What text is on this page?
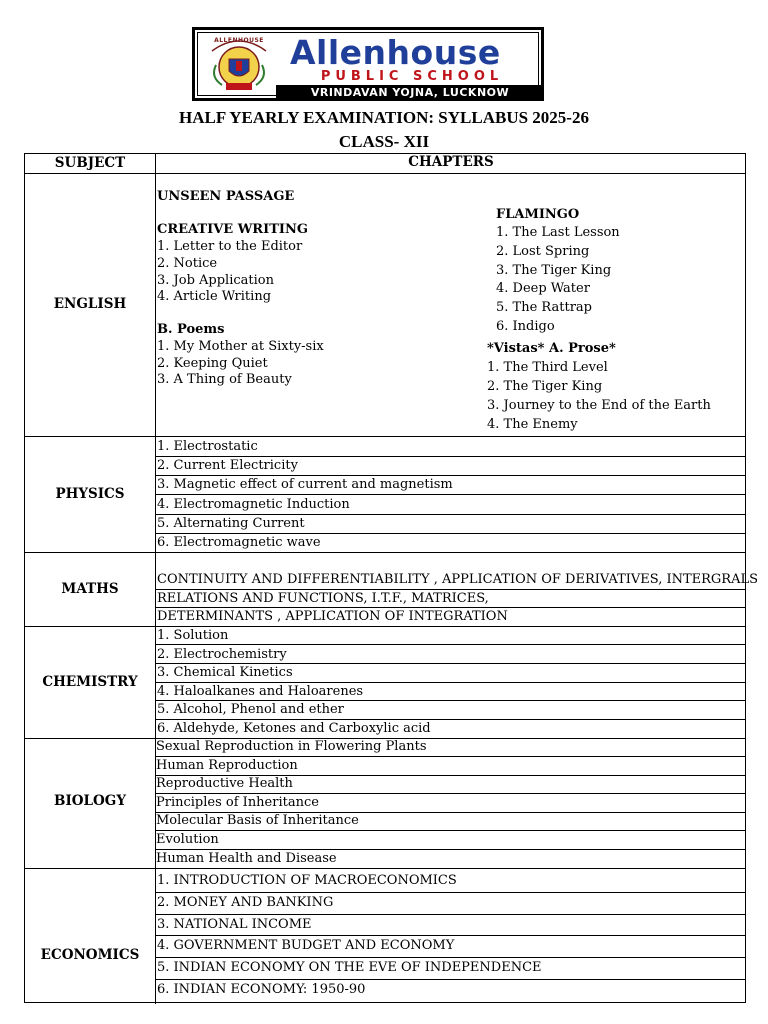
ALLENHOUSE Allenhouse
PUBLIC SCHOOL
VRINDAVAN YOJNA, LUCKNOW
HALF YEARLY EXAMINATION: SYLLABUS 2025-26
CLASS- XII
SUBJECT	CHAPTERS
ENGLISH
UNSEEN PASSAGE
CREATIVE WRITING
1. Letter to the Editor
2. Notice
3. Job Application
4. Article Writing
B. Poems
1. My Mother at Sixty-six
2. Keeping Quiet
3. A Thing of Beauty
FLAMINGO
1. The Last Lesson
2. Lost Spring
3. The Tiger King
4. Deep Water
5. The Rattrap
6. Indigo
*Vistas* A. Prose*
1. The Third Level
2. The Tiger King
3. Journey to the End of the Earth
4. The Enemy
PHYSICS
1. Electrostatic
2. Current Electricity
3. Magnetic effect of current and magnetism
4. Electromagnetic Induction
5. Alternating Current
6. Electromagnetic wave
MATHS
CONTINUITY AND DIFFERENTIABILITY , APPLICATION OF DERIVATIVES, INTERGRALS
RELATIONS AND FUNCTIONS, I.T.F., MATRICES,
DETERMINANTS , APPLICATION OF INTEGRATION
CHEMISTRY
1. Solution
2. Electrochemistry
3. Chemical Kinetics
4. Haloalkanes and Haloarenes
5. Alcohol, Phenol and ether
6. Aldehyde, Ketones and Carboxylic acid
BIOLOGY
Sexual Reproduction in Flowering Plants
Human Reproduction
Reproductive Health
Principles of Inheritance
Molecular Basis of Inheritance
Evolution
Human Health and Disease
ECONOMICS
1. INTRODUCTION OF MACROECONOMICS
2. MONEY AND BANKING
3. NATIONAL INCOME
4. GOVERNMENT BUDGET AND ECONOMY
5. INDIAN ECONOMY ON THE EVE OF INDEPENDENCE
6. INDIAN ECONOMY: 1950-90
